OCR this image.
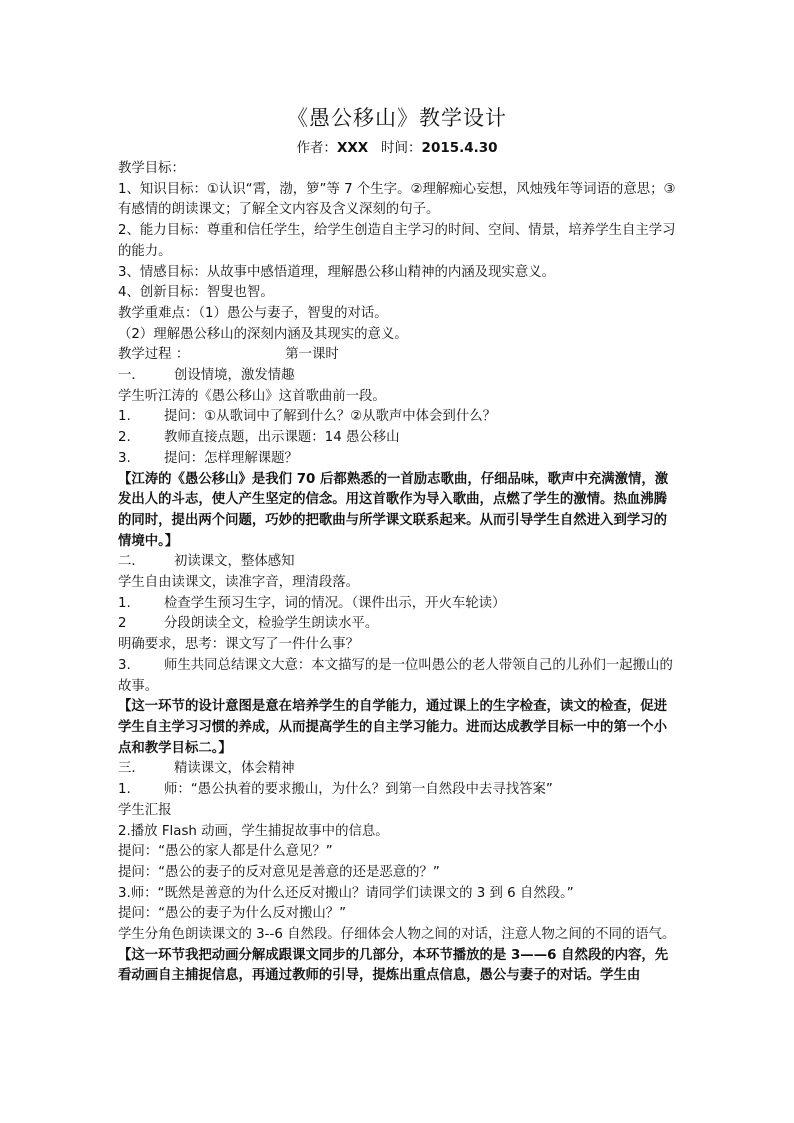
《愚公移山》教学设计
作者：XXX 时间：2015.4.30

教学目标：

1、知识目标：①认识“霄，渤，箩”等 7 个生字。②理解痴心妄想，风烛残年等词语的意思；③有感情的朗读课文；了解全文内容及含义深刻的句子。

2、能力目标：尊重和信任学生，给学生创造自主学习的时间、空间、情景，培养学生自主学习的能力。

3、情感目标：从故事中感悟道理，理解愚公移山精神的内涵及现实意义。

4、创新目标：智叟也智。

教学重难点：（1）愚公与妻子，智叟的对话。

（2）理解愚公移山的深刻内涵及其现实的意义。

教学过程 ：	第一课时

一． 创设情境，激发情趣

学生听江涛的《愚公移山》这首歌曲前一段。

1. 提问：①从歌词中了解到什么？②从歌声中体会到什么？

2. 教师直接点题，出示课题：14 愚公移山

3. 提问：怎样理解课题？

【江涛的《愚公移山》是我们 70 后都熟悉的一首励志歌曲，仔细品味，歌声中充满激情，激发出人的斗志，使人产生坚定的信念。用这首歌作为导入歌曲，点燃了学生的激情。热血沸腾的同时，提出两个问题，巧妙的把歌曲与所学课文联系起来。从而引导学生自然进入到学习的情境中。】

二． 初读课文，整体感知

学生自由读课文，读准字音，理清段落。

1. 检查学生预习生字，词的情况。（课件出示，开火车轮读）

2	分段朗读全文，检验学生朗读水平。

明确要求，思考：课文写了一件什么事？

3. 师生共同总结课文大意：本文描写的是一位叫愚公的老人带领自己的儿孙们一起搬山的故事。

【这一环节的设计意图是意在培养学生的自学能力，通过课上的生字检查，读文的检查，促进学生自主学习习惯的养成，从而提高学生的自主学习能力。进而达成教学目标一中的第一个小点和教学目标二。】

三． 精读课文，体会精神

1. 师：“愚公执着的要求搬山，为什么？到第一自然段中去寻找答案”

学生汇报

2.播放 Flash 动画，学生捕捉故事中的信息。

提问：“愚公的家人都是什么意见？”

提问：“愚公的妻子的反对意见是善意的还是恶意的？”

3.师：“既然是善意的为什么还反对搬山？请同学们读课文的 3 到 6 自然段。”

提问：“愚公的妻子为什么反对搬山？”

学生分角色朗读课文的 3--6 自然段。仔细体会人物之间的对话，注意人物之间的不同的语气。

【这一环节我把动画分解成跟课文同步的几部分，本环节播放的是 3——6 自然段的内容，先看动画自主捕捉信息，再通过教师的引导，提炼出重点信息，愚公与妻子的对话。学生由
